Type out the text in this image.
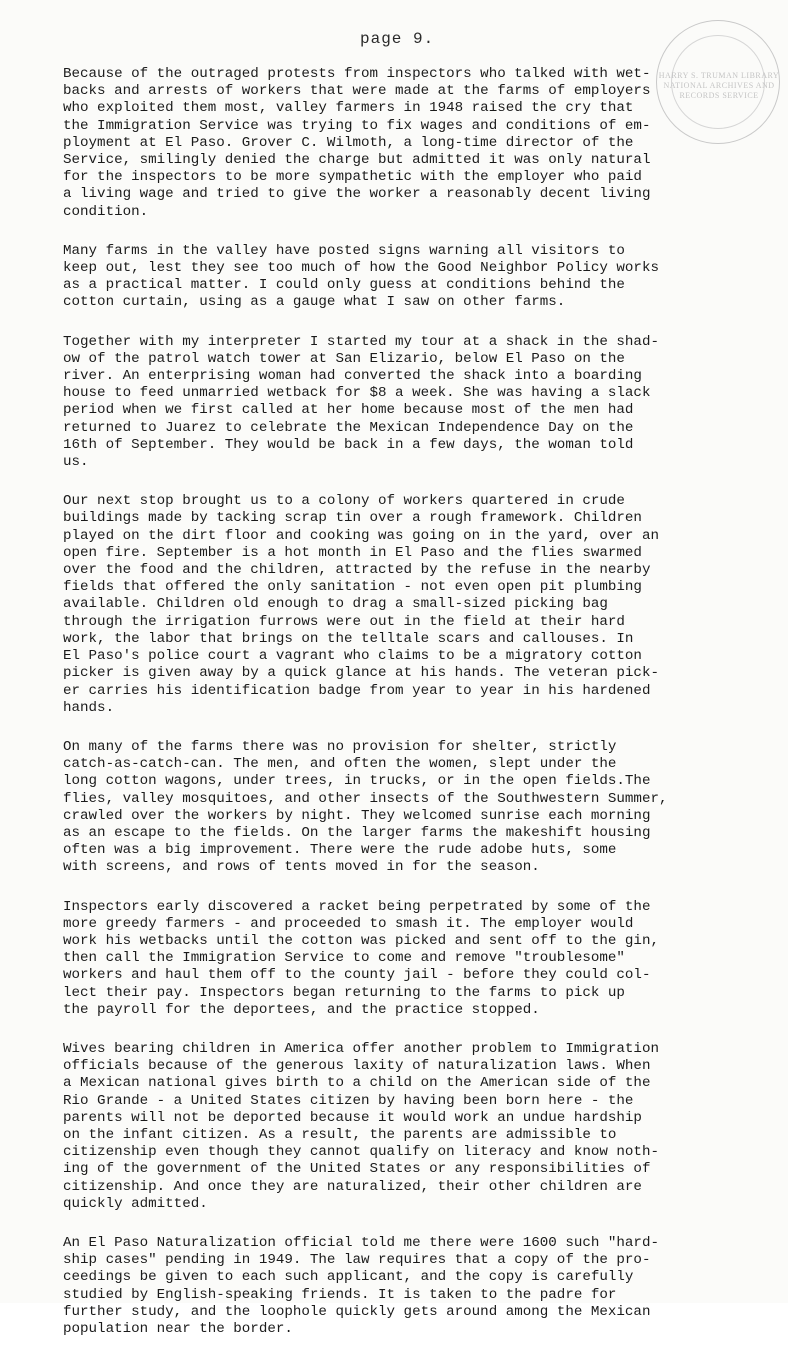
page 9.
HARRY S. TRUMAN LIBRARY NATIONAL ARCHIVES AND RECORDS SERVICE

Because of the outraged protests from inspectors who talked with wet-
backs and arrests of workers that were made at the farms of employers
who exploited them most, valley farmers in 1948 raised the cry that
the Immigration Service was trying to fix wages and conditions of em-
ployment at El Paso. Grover C. Wilmoth, a long-time director of the
Service, smilingly denied the charge but admitted it was only natural
for the inspectors to be more sympathetic with the employer who paid
a living wage and tried to give the worker a reasonably decent living
condition.

Many farms in the valley have posted signs warning all visitors to
keep out, lest they see too much of how the Good Neighbor Policy works
as a practical matter. I could only guess at conditions behind the
cotton curtain, using as a gauge what I saw on other farms.

Together with my interpreter I started my tour at a shack in the shad-
ow of the patrol watch tower at San Elizario, below El Paso on the
river. An enterprising woman had converted the shack into a boarding
house to feed unmarried wetback for $8 a week. She was having a slack
period when we first called at her home because most of the men had
returned to Juarez to celebrate the Mexican Independence Day on the
16th of September. They would be back in a few days, the woman told
us.

Our next stop brought us to a colony of workers quartered in crude
buildings made by tacking scrap tin over a rough framework. Children
played on the dirt floor and cooking was going on in the yard, over an
open fire. September is a hot month in El Paso and the flies swarmed
over the food and the children, attracted by the refuse in the nearby
fields that offered the only sanitation - not even open pit plumbing
available. Children old enough to drag a small-sized picking bag
through the irrigation furrows were out in the field at their hard
work, the labor that brings on the telltale scars and callouses. In
El Paso's police court a vagrant who claims to be a migratory cotton
picker is given away by a quick glance at his hands. The veteran pick-
er carries his identification badge from year to year in his hardened
hands.

On many of the farms there was no provision for shelter, strictly
catch-as-catch-can. The men, and often the women, slept under the
long cotton wagons, under trees, in trucks, or in the open fields.The
flies, valley mosquitoes, and other insects of the Southwestern Summer,
crawled over the workers by night. They welcomed sunrise each morning
as an escape to the fields. On the larger farms the makeshift housing
often was a big improvement. There were the rude adobe huts, some
with screens, and rows of tents moved in for the season.

Inspectors early discovered a racket being perpetrated by some of the
more greedy farmers - and proceeded to smash it. The employer would
work his wetbacks until the cotton was picked and sent off to the gin,
then call the Immigration Service to come and remove "troublesome"
workers and haul them off to the county jail - before they could col-
lect their pay. Inspectors began returning to the farms to pick up
the payroll for the deportees, and the practice stopped.

Wives bearing children in America offer another problem to Immigration
officials because of the generous laxity of naturalization laws. When
a Mexican national gives birth to a child on the American side of the
Rio Grande - a United States citizen by having been born here - the
parents will not be deported because it would work an undue hardship
on the infant citizen. As a result, the parents are admissible to
citizenship even though they cannot qualify on literacy and know noth-
ing of the government of the United States or any responsibilities of
citizenship. And once they are naturalized, their other children are
quickly admitted.

An El Paso Naturalization official told me there were 1600 such "hard-
ship cases" pending in 1949. The law requires that a copy of the pro-
ceedings be given to each such applicant, and the copy is carefully
studied by English-speaking friends. It is taken to the padre for
further study, and the loophole quickly gets around among the Mexican
population near the border.
